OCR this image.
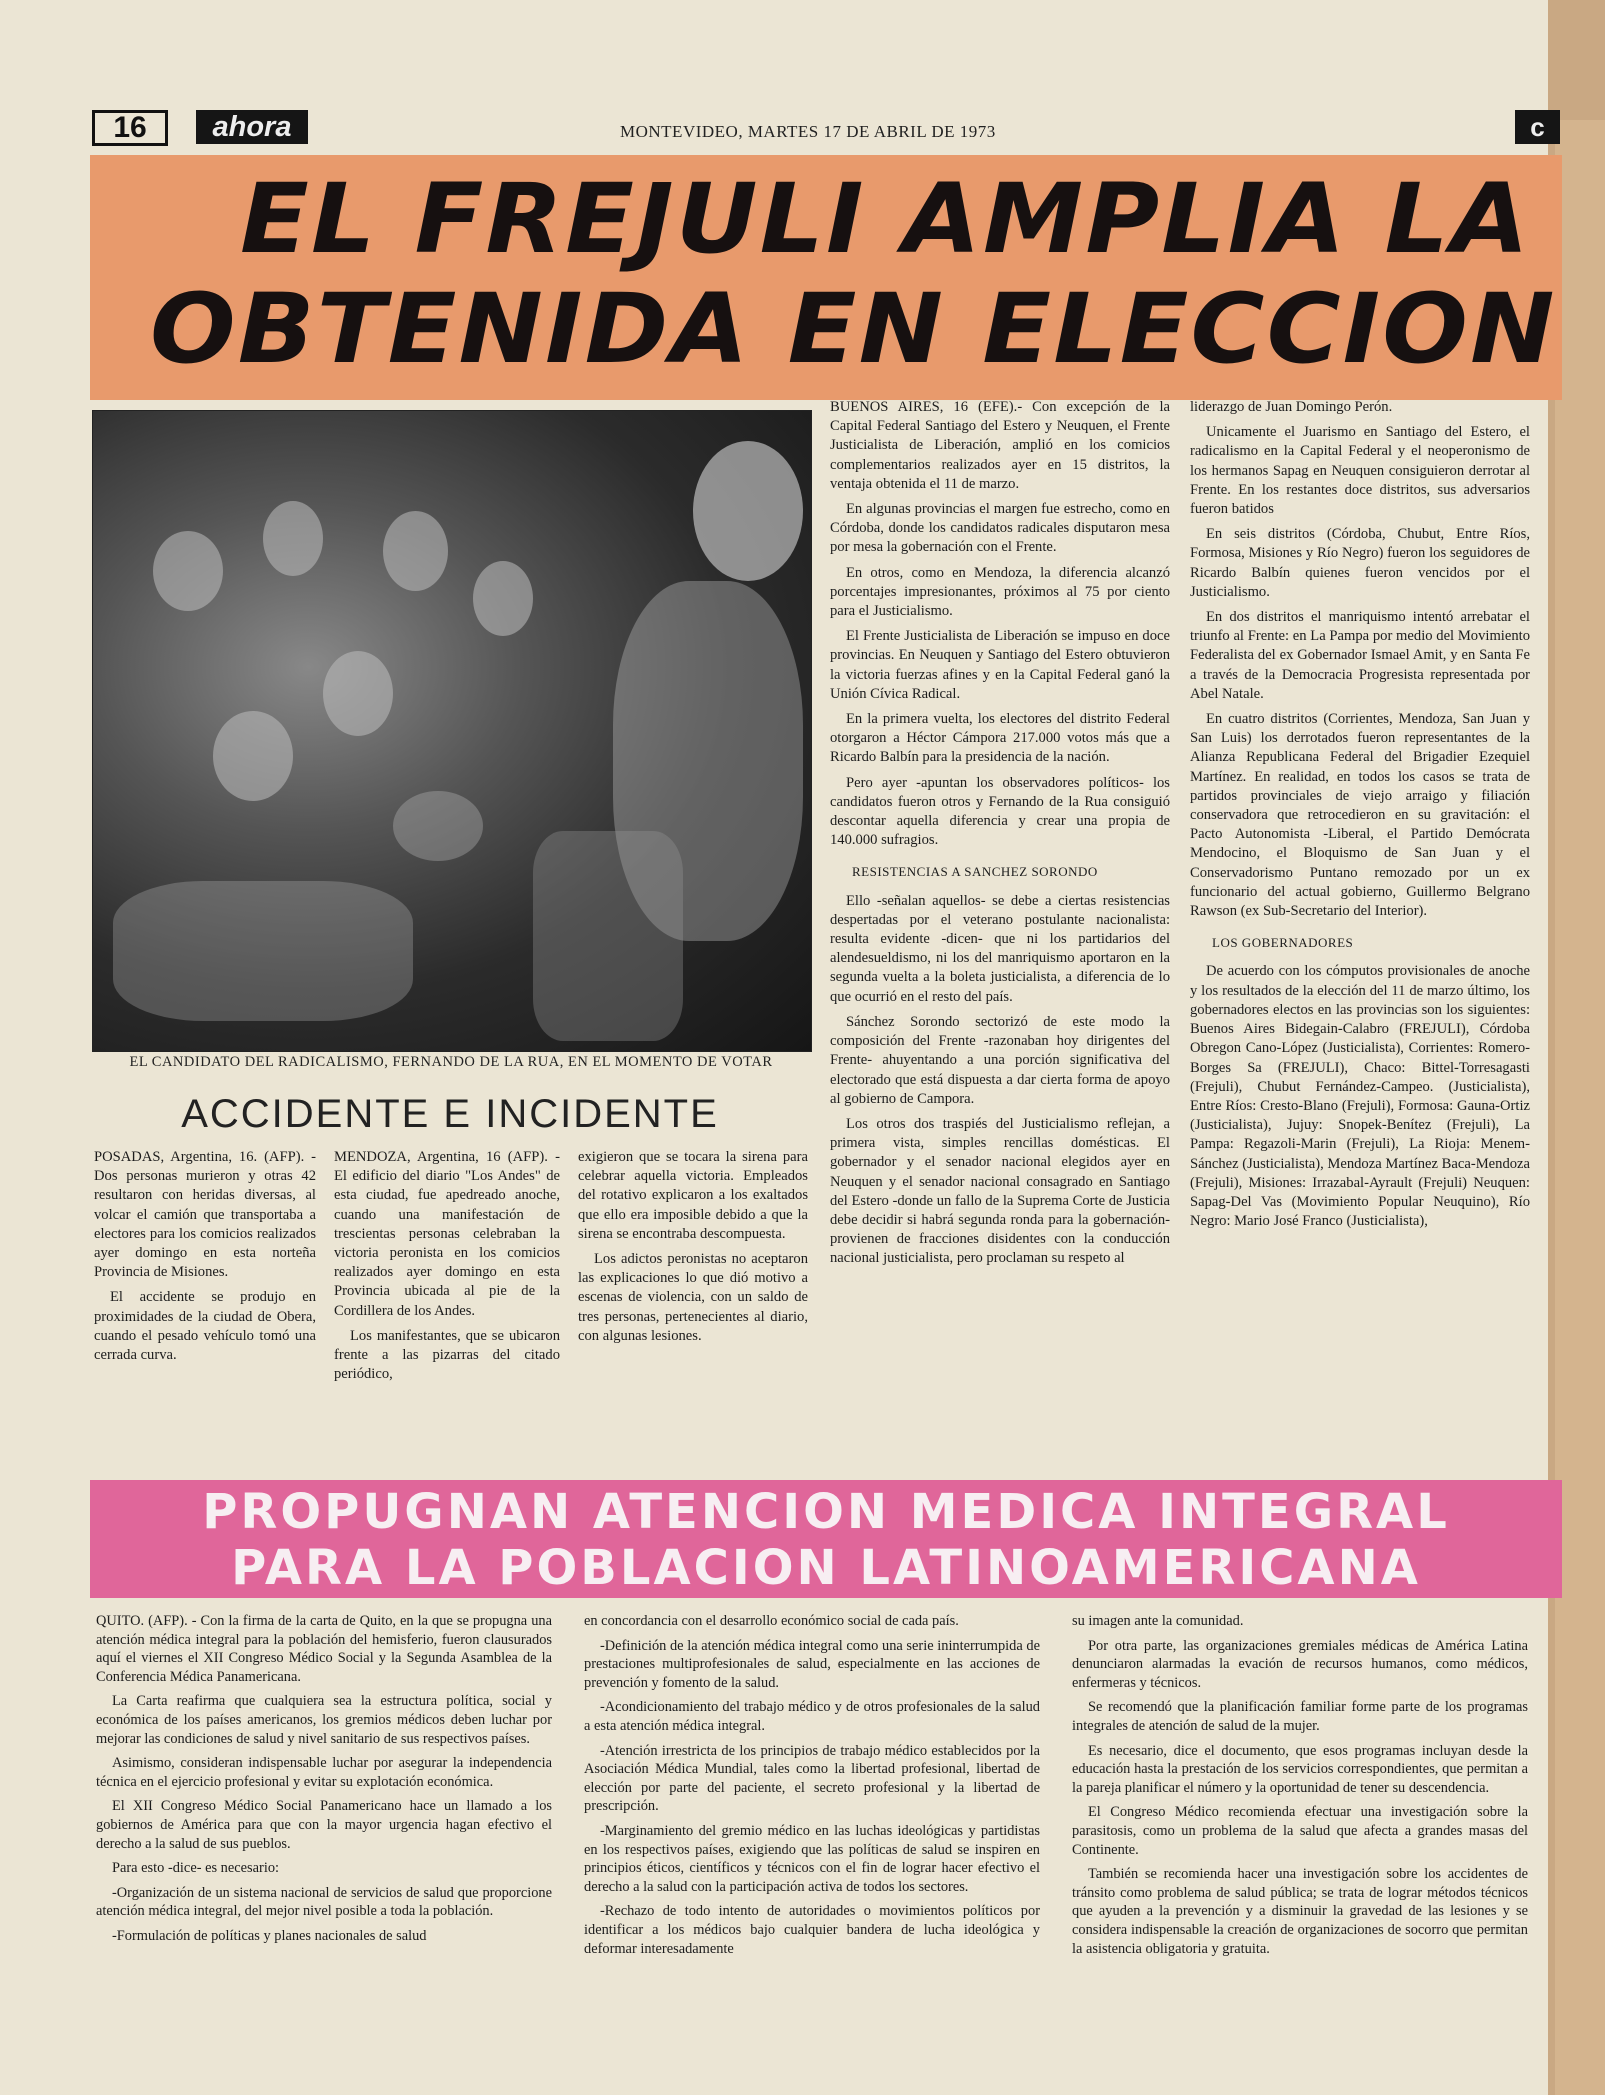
16	ahora	MONTEVIDEO, MARTES 17 DE ABRIL DE 1973	c
EL FREJULI AMPLIA LA
OBTENIDA EN ELECCION
EL CANDIDATO DEL RADICALISMO, FERNANDO DE LA RUA, EN EL MOMENTO DE VOTAR
ACCIDENTE E INCIDENTE

POSADAS, Argentina, 16. (AFP). - Dos personas murieron y otras 42 resultaron con heridas diversas, al volcar el camión que transportaba a electores para los comicios realizados ayer domingo en esta norteña Provincia de Misiones.

El accidente se produjo en proximidades de la ciudad de Obera, cuando el pesado vehículo tomó una cerrada curva.

MENDOZA, Argentina, 16 (AFP). - El edificio del diario "Los Andes" de esta ciudad, fue apedreado anoche, cuando una manifestación de trescientas personas celebraban la victoria peronista en los comicios realizados ayer domingo en esta Provincia ubicada al pie de la Cordillera de los Andes.

Los manifestantes, que se ubicaron frente a las pizarras del citado periódico,

exigieron que se tocara la sirena para celebrar aquella victoria. Empleados del rotativo explicaron a los exaltados que ello era imposible debido a que la sirena se encontraba descompuesta.

Los adictos peronistas no aceptaron las explicaciones lo que dió motivo a escenas de violencia, con un saldo de tres personas, pertenecientes al diario, con algunas lesiones.

BUENOS AIRES, 16 (EFE).- Con excepción de la Capital Federal Santiago del Estero y Neuquen, el Frente Justicialista de Liberación, amplió en los comicios complementarios realizados ayer en 15 distritos, la ventaja obtenida el 11 de marzo.

En algunas provincias el margen fue estrecho, como en Córdoba, donde los candidatos radicales disputaron mesa por mesa la gobernación con el Frente.

En otros, como en Mendoza, la diferencia alcanzó porcentajes impresionantes, próximos al 75 por ciento para el Justicialismo.

El Frente Justicialista de Liberación se impuso en doce provincias. En Neuquen y Santiago del Estero obtuvieron la victoria fuerzas afines y en la Capital Federal ganó la Unión Cívica Radical.

En la primera vuelta, los electores del distrito Federal otorgaron a Héctor Cámpora 217.000 votos más que a Ricardo Balbín para la presidencia de la nación.

Pero ayer -apuntan los observadores políticos- los candidatos fueron otros y Fernando de la Rua consiguió descontar aquella diferencia y crear una propia de 140.000 sufragios.

RESISTENCIAS A SANCHEZ SORONDO

Ello -señalan aquellos- se debe a ciertas resistencias despertadas por el veterano postulante nacionalista: resulta evidente -dicen- que ni los partidarios del alendesueldismo, ni los del manriquismo aportaron en la segunda vuelta a la boleta justicialista, a diferencia de lo que ocurrió en el resto del país.

Sánchez Sorondo sectorizó de este modo la composición del Frente -razonaban hoy dirigentes del Frente- ahuyentando a una porción significativa del electorado que está dispuesta a dar cierta forma de apoyo al gobierno de Campora.

Los otros dos traspiés del Justicialismo reflejan, a primera vista, simples rencillas domésticas. El gobernador y el senador nacional elegidos ayer en Neuquen y el senador nacional consagrado en Santiago del Estero -donde un fallo de la Suprema Corte de Justicia debe decidir si habrá segunda ronda para la gobernación- provienen de fracciones disidentes con la conducción nacional justicialista, pero proclaman su respeto al

liderazgo de Juan Domingo Perón.

Unicamente el Juarismo en Santiago del Estero, el radicalismo en la Capital Federal y el neoperonismo de los hermanos Sapag en Neuquen consiguieron derrotar al Frente. En los restantes doce distritos, sus adversarios fueron batidos

En seis distritos (Córdoba, Chubut, Entre Ríos, Formosa, Misiones y Río Negro) fueron los seguidores de Ricardo Balbín quienes fueron vencidos por el Justicialismo.

En dos distritos el manriquismo intentó arrebatar el triunfo al Frente: en La Pampa por medio del Movimiento Federalista del ex Gobernador Ismael Amit, y en Santa Fe a través de la Democracia Progresista representada por Abel Natale.

En cuatro distritos (Corrientes, Mendoza, San Juan y San Luis) los derrotados fueron representantes de la Alianza Republicana Federal del Brigadier Ezequiel Martínez. En realidad, en todos los casos se trata de partidos provinciales de viejo arraigo y filiación conservadora que retrocedieron en su gravitación: el Pacto Autonomista -Liberal, el Partido Demócrata Mendocino, el Bloquismo de San Juan y el Conservadorismo Puntano remozado por un ex funcionario del actual gobierno, Guillermo Belgrano Rawson (ex Sub-Secretario del Interior).

LOS GOBERNADORES

De acuerdo con los cómputos provisionales de anoche y los resultados de la elección del 11 de marzo último, los gobernadores electos en las provincias son los siguientes: Buenos Aires Bidegain-Calabro (FREJULI), Córdoba Obregon Cano-López (Justicialista), Corrientes: Romero-Borges Sa (FREJULI), Chaco: Bittel-Torresagasti (Frejuli), Chubut Fernández-Campeo. (Justicialista), Entre Ríos: Cresto-Blano (Frejuli), Formosa: Gauna-Ortiz (Justicialista), Jujuy: Snopek-Benítez (Frejuli), La Pampa: Regazoli-Marin (Frejuli), La Rioja: Menem-Sánchez (Justicialista), Mendoza Martínez Baca-Mendoza (Frejuli), Misiones: Irrazabal-Ayrault (Frejuli) Neuquen: Sapag-Del Vas (Movimiento Popular Neuquino), Río Negro: Mario José Franco (Justicialista),

PROPUGNAN ATENCION MEDICA INTEGRAL
PARA LA POBLACION LATINOAMERICANA

QUITO. (AFP). - Con la firma de la carta de Quito, en la que se propugna una atención médica integral para la población del hemisferio, fueron clausurados aquí el viernes el XII Congreso Médico Social y la Segunda Asamblea de la Conferencia Médica Panamericana.

La Carta reafirma que cualquiera sea la estructura política, social y económica de los países americanos, los gremios médicos deben luchar por mejorar las condiciones de salud y nivel sanitario de sus respectivos países.

Asimismo, consideran indispensable luchar por asegurar la independencia técnica en el ejercicio profesional y evitar su explotación económica.

El XII Congreso Médico Social Panamericano hace un llamado a los gobiernos de América para que con la mayor urgencia hagan efectivo el derecho a la salud de sus pueblos.

Para esto -dice- es necesario:

-Organización de un sistema nacional de servicios de salud que proporcione atención médica integral, del mejor nivel posible a toda la población.

-Formulación de políticas y planes nacionales de salud

en concordancia con el desarrollo económico social de cada país.

-Definición de la atención médica integral como una serie ininterrumpida de prestaciones multiprofesionales de salud, especialmente en las acciones de prevención y fomento de la salud.

-Acondicionamiento del trabajo médico y de otros profesionales de la salud a esta atención médica integral.

-Atención irrestricta de los principios de trabajo médico establecidos por la Asociación Médica Mundial, tales como la libertad profesional, libertad de elección por parte del paciente, el secreto profesional y la libertad de prescripción.

-Marginamiento del gremio médico en las luchas ideológicas y partidistas en los respectivos países, exigiendo que las políticas de salud se inspiren en principios éticos, científicos y técnicos con el fin de lograr hacer efectivo el derecho a la salud con la participación activa de todos los sectores.

-Rechazo de todo intento de autoridades o movimientos políticos por identificar a los médicos bajo cualquier bandera de lucha ideológica y deformar interesadamente

su imagen ante la comunidad.

Por otra parte, las organizaciones gremiales médicas de América Latina denunciaron alarmadas la evación de recursos humanos, como médicos, enfermeras y técnicos.

Se recomendó que la planificación familiar forme parte de los programas integrales de atención de salud de la mujer.

Es necesario, dice el documento, que esos programas incluyan desde la educación hasta la prestación de los servicios correspondientes, que permitan a la pareja planificar el número y la oportunidad de tener su descendencia.

El Congreso Médico recomienda efectuar una investigación sobre la parasitosis, como un problema de la salud que afecta a grandes masas del Continente.

También se recomienda hacer una investigación sobre los accidentes de tránsito como problema de salud pública; se trata de lograr métodos técnicos que ayuden a la prevención y a disminuir la gravedad de las lesiones y se considera indispensable la creación de organizaciones de socorro que permitan la asistencia obligatoria y gratuita.
